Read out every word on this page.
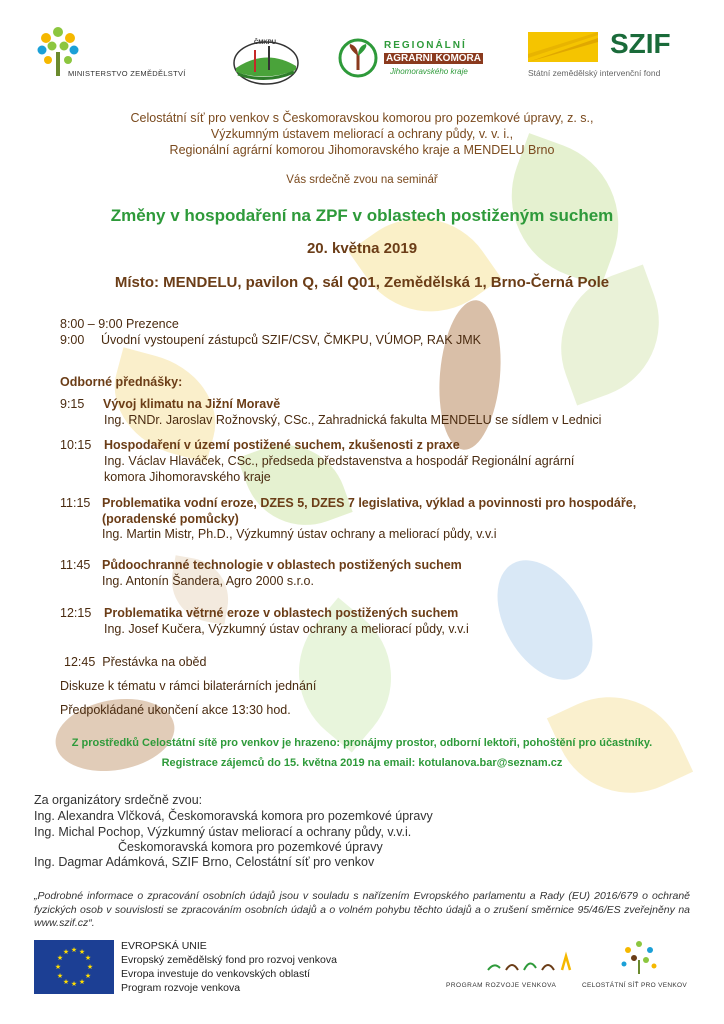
MINISTERSTVO ZEMĚDĚLSTVÍ
ČMKPU	REGIONÁLNÍ
AGRÁRNÍ KOMORA
Jihomoravského kraje
SZIF
Státní zemědělský intervenční fond
Celostátní síť pro venkov s Českomoravskou komorou pro pozemkové úpravy, z. s.,
Výzkumným ústavem meliorací a ochrany půdy, v. v. i.,
Regionální agrární komorou Jihomoravského kraje a MENDELU Brno
Vás srdečně zvou na seminář
Změny v hospodaření na ZPF v oblastech postiženým suchem
20. května 2019
Místo: MENDELU, pavilon Q, sál Q01, Zemědělská 1, Brno-Černá Pole
8:00 – 9:00 Prezence
9:00 Úvodní vystoupení zástupců SZIF/CSV, ČMKPU, VÚMOP, RAK JMK
Odborné přednášky:
9:15 Vývoj klimatu na Jižní Moravě
Ing. RNDr. Jaroslav Rožnovský, CSc., Zahradnická fakulta MENDELU se sídlem v Lednici
10:15 Hospodaření v území postižené suchem, zkušenosti z praxe
Ing. Václav Hlaváček, CSc., předseda představenstva a hospodář Regionální agrární
komora Jihomoravského kraje
11:15 Problematika vodní eroze, DZES 5, DZES 7 legislativa, výklad a povinnosti pro hospodáře,
(poradenské pomůcky)
Ing. Martin Mistr, Ph.D., Výzkumný ústav ochrany a meliorací půdy, v.v.i
11:45 Půdoochranné technologie v oblastech postižených suchem
Ing. Antonín Šandera, Agro 2000 s.r.o.
12:15 Problematika větrné eroze v oblastech postižených suchem
Ing. Josef Kučera, Výzkumný ústav ochrany a meliorací půdy, v.v.i
12:45  Přestávka na oběd
Diskuze k tématu v rámci bilaterárních jednání
Předpokládané ukončení akce 13:30 hod.
Z prostředků Celostátní sítě pro venkov je hrazeno: pronájmy prostor, odborní lektoři, pohoštění pro účastníky.
Registrace zájemců do 15. května 2019 na email: kotulanova.bar@seznam.cz
Za organizátory srdečně zvou:
Ing. Alexandra Vlčková, Českomoravská komora pro pozemkové úpravy
Ing. Michal Pochop, Výzkumný ústav meliorací a ochrany půdy, v.v.i.
Českomoravská komora pro pozemkové úpravy
Ing. Dagmar Adámková, SZIF Brno, Celostátní síť pro venkov
„Podrobné informace o zpracování osobních údajů jsou v souladu s nařízením Evropského parlamentu a Rady (EU) 2016/679 o ochraně fyzických osob v souvislosti se zpracováním osobních údajů a o volném pohybu těchto údajů a o zrušení směrnice 95/46/ES zveřejněny na www.szif.cz“.
★ ★
★
★
★
★
★
★
★
★
★
★	EVROPSKÁ UNIE
Evropský zemědělský fond pro rozvoj venkova
Evropa investuje do venkovských oblastí
Program rozvoje venkova	PROGRAM ROZVOJE VENKOVA	CELOSTÁTNÍ SÍŤ PRO VENKOV
